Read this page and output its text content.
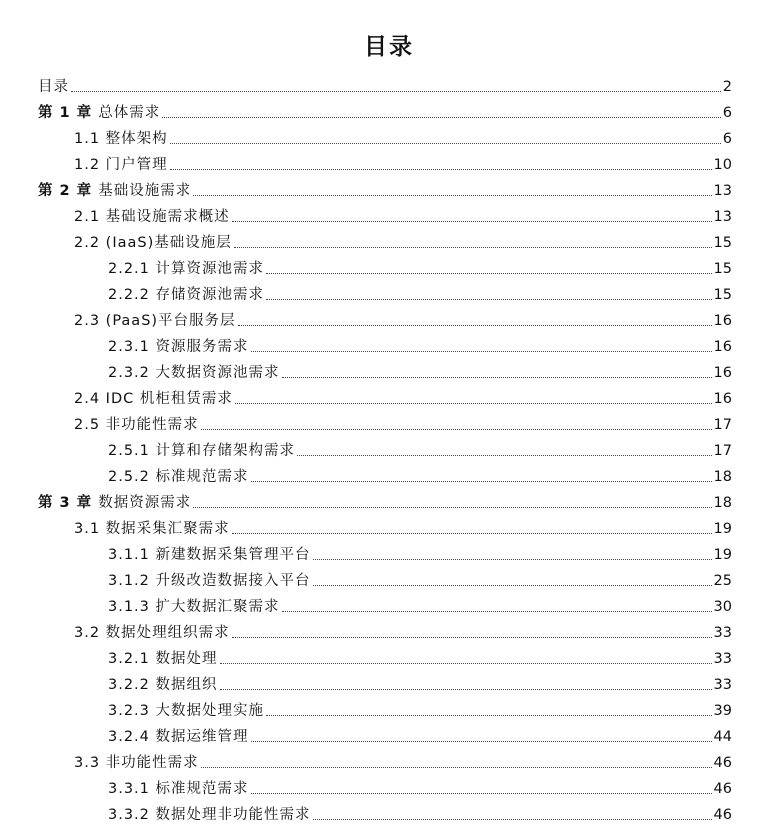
目录
目录	2
第 1 章 总体需求	6
1.1 整体架构	6
1.2 门户管理	10
第 2 章 基础设施需求	13
2.1 基础设施需求概述	13
2.2 (IaaS)基础设施层	15
2.2.1 计算资源池需求	15
2.2.2 存储资源池需求	15
2.3 (PaaS)平台服务层	16
2.3.1 资源服务需求	16
2.3.2 大数据资源池需求	16
2.4 IDC 机柜租赁需求	16
2.5 非功能性需求	17
2.5.1 计算和存储架构需求	17
2.5.2 标准规范需求	18
第 3 章 数据资源需求	18
3.1 数据采集汇聚需求	19
3.1.1 新建数据采集管理平台	19
3.1.2 升级改造数据接入平台	25
3.1.3 扩大数据汇聚需求	30
3.2 数据处理组织需求	33
3.2.1 数据处理	33
3.2.2 数据组织	33
3.2.3 大数据处理实施	39
3.2.4 数据运维管理	44
3.3 非功能性需求	46
3.3.1 标准规范需求	46
3.3.2 数据处理非功能性需求	46
